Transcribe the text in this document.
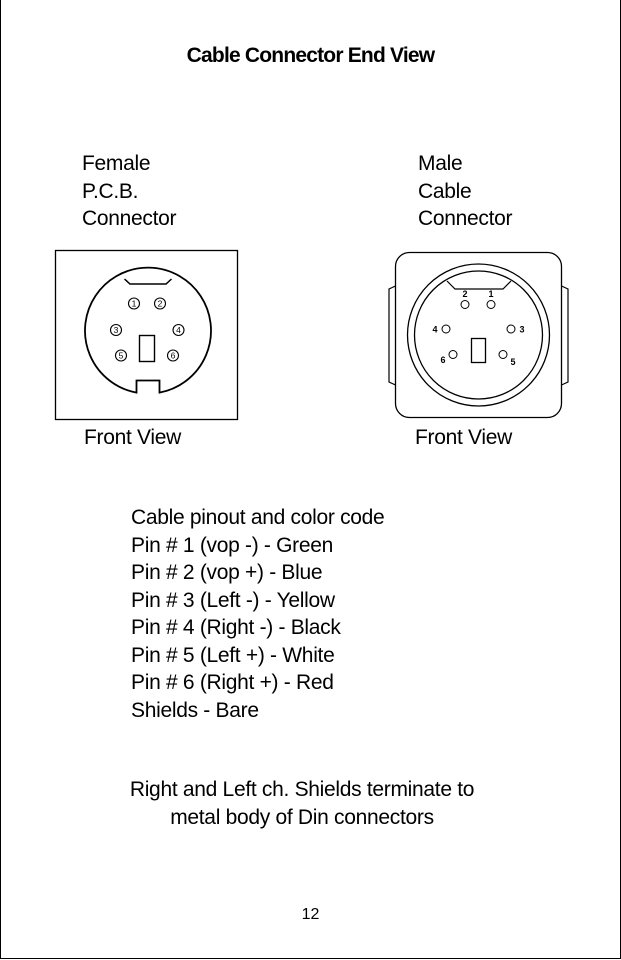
Cable Connector End View
Female
P.C.B.
Connector
Male
Cable
Connector
1	2
3	4
5	6
2 1
4	3
6	5
Front View	Front View
Cable pinout and color code
Pin # 1 (vop -) - Green
Pin # 2 (vop +) - Blue
Pin # 3 (Left -) - Yellow
Pin # 4 (Right -) - Black
Pin # 5 (Left +) - White
Pin # 6 (Right +) - Red
Shields - Bare
Right and Left ch. Shields terminate to
metal body of Din connectors
12
